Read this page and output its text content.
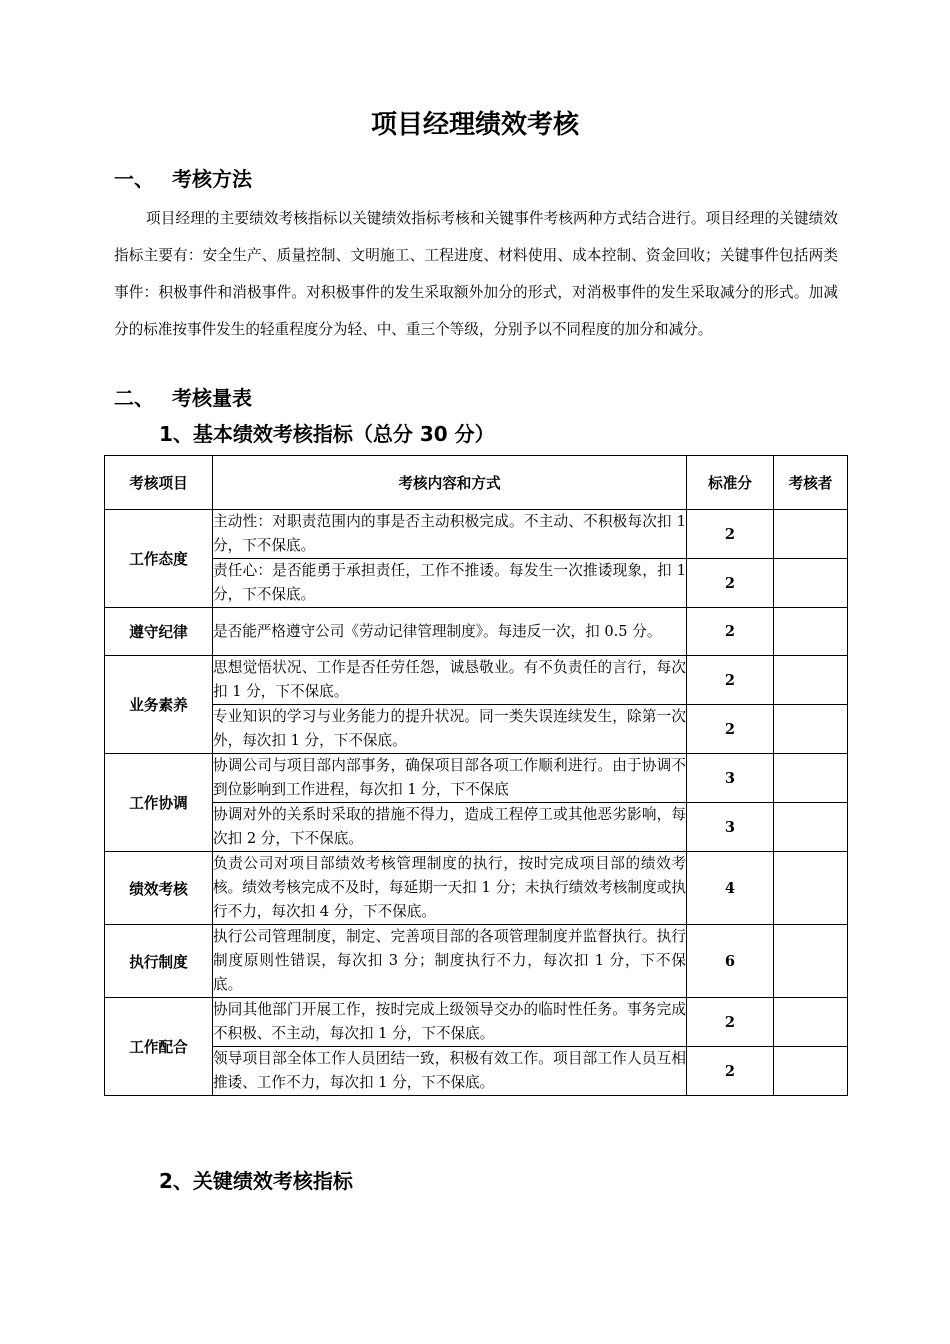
项目经理绩效考核
一、 考核方法
项目经理的主要绩效考核指标以关键绩效指标考核和关键事件考核两种方式结合进行。项目经理的关键绩效指标主要有：安全生产、质量控制、文明施工、工程进度、材料使用、成本控制、资金回收；关键事件包括两类事件：积极事件和消极事件。对积极事件的发生采取额外加分的形式，对消极事件的发生采取减分的形式。加减分的标准按事件发生的轻重程度分为轻、中、重三个等级，分别予以不同程度的加分和减分。
二、 考核量表
1、基本绩效考核指标（总分 30 分）
考核项目	考核内容和方式	标准分	考核者
工作态度	主动性：对职责范围内的事是否主动积极完成。不主动、不积极每次扣 1 分，下不保底。	2	
	责任心：是否能勇于承担责任，工作不推诿。每发生一次推诿现象，扣 1 分，下不保底。	2	
遵守纪律	是否能严格遵守公司《劳动记律管理制度》。每违反一次，扣 0.5 分。	2	
业务素养	思想觉悟状况、工作是否任劳任怨，诚恳敬业。有不负责任的言行，每次扣 1 分，下不保底。	2	
	专业知识的学习与业务能力的提升状况。同一类失误连续发生，除第一次外，每次扣 1 分，下不保底。	2	
工作协调	协调公司与项目部内部事务，确保项目部各项工作顺利进行。由于协调不到位影响到工作进程，每次扣 1 分，下不保底	3	
	协调对外的关系时采取的措施不得力，造成工程停工或其他恶劣影响，每次扣 2 分，下不保底。	3	
绩效考核	负责公司对项目部绩效考核管理制度的执行，按时完成项目部的绩效考核。绩效考核完成不及时，每延期一天扣 1 分；未执行绩效考核制度或执行不力，每次扣 4 分，下不保底。	4	
执行制度	执行公司管理制度，制定、完善项目部的各项管理制度并监督执行。执行制度原则性错误，每次扣 3 分；制度执行不力，每次扣 1 分，下不保底。	6	
工作配合	协同其他部门开展工作，按时完成上级领导交办的临时性任务。事务完成不积极、不主动，每次扣 1 分，下不保底。	2	
	领导项目部全体工作人员团结一致，积极有效工作。项目部工作人员互相推诿、工作不力，每次扣 1 分，下不保底。	2	
2、关键绩效考核指标
